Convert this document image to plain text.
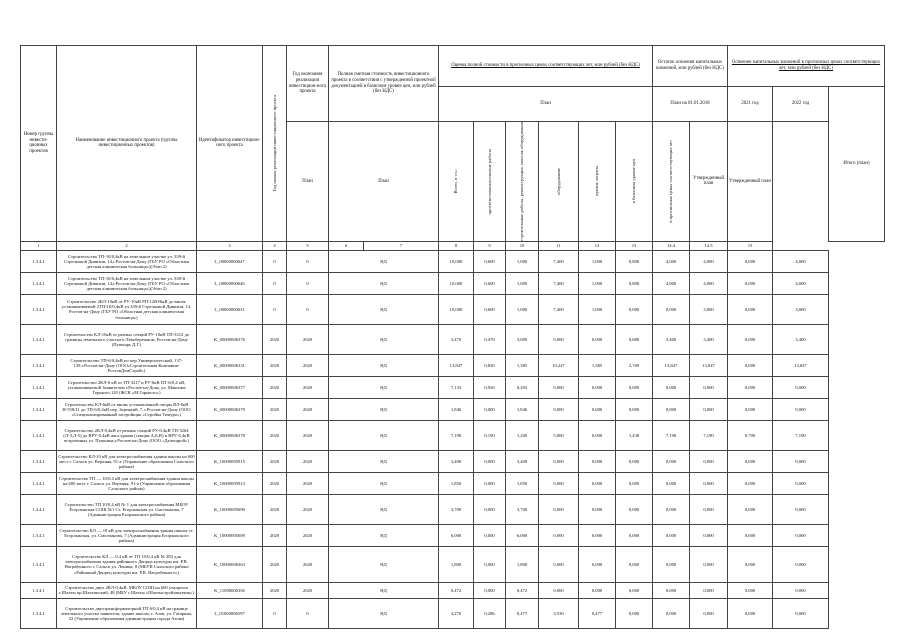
Номер группы инвести-ционных проектов	Наименование инвестиционного проекта (группы инвестиционных проектов)	Идентификатор инвестицион-ного проекта	Год начала реализации инвестиционного проекта	Год окончания реализации инвестицион-ного проекта	Полная сметная стоимость инвестиционного проекта в соответствии с утвержденной проектной документацией в базисном уровне цен, млн рублей (без НДС)		Оценка полной стоимости в прогнозных ценах соответствующих лет, млн рублей (без НДС)						Остаток освоения капитальных вложений, млн рублей (без НДС)		Освоение капитальных вложений в прогнозных ценах соответствующих лет, млн рублей (без НДС)		
							План						План на 01.01.2018		2021 год	2022 год	Итого (план)
				План	План		Всего, в т.ч.:	проектно-изыскательские работы	строительные работы, реконструкция, монтаж оборудования	оборудование	прочие затраты	в базисном уровне цен	в прогнозных ценах соответствующих лет	Утвержденный план	Утвержденный план		
1	2	3	4	5	6	7	8	9	10	11	12	13	14.4	14.5	15		
1.3.4.1	Строительство ТП-10/0,4кВ на земельном участке ул. 339-й Стрелковой Дивизии, 14,г.Ростов-на-Дону (ГБУ РО «Областная детская клиническая больница»)(Этап 2)	L_00000000647	0	0	НД		10,000	0,600	1,000	7,400	1,000	0,800	4,000	4,000	0,000	4,000	
1.3.4.1	Строительство ТП-10/0,4кВ на земельном участке ул. 339-й Стрелковой Дивизии, 14,г.Ростов-на-Дону (ГБУ РО «Областная детская клиническая больница»)(Этап 2)	L_00000000646	0	0	НД		10,000	0,600	1,000	7,400	1,000	0,800	4,000	4,000	0,000	4,000	
1.3.4.1	Строительство 2КЛ-10кВ от РУ-10кВ РП-1200/6кВ до вновь устанавливаемой 2ТП-10/0,4кВ ул.339-й Стрелковой Дивизии, 14, Ростов-на-Дону (ГБУ РО «Областная детская клиническая больница»)	L_00000000631	0	0	НД		10,000	0,600	1,000	7,400	1,000	0,000	0,000	3,000	0,000	3,000	
1.3.4.1	Строительство КЛ-10кВ от разных секций РУ-10кВ ТП-3312 до границы земельного участка в Левобережном, Ростов-на-Дону (Пушкарь Д.Г.)	K_00000006376	2020	2020	НД		3,470	0,470	3,000	0,000	0,000	0,680	3,400	3,400	0,000	3,400	
1.3.4.1	Строительство ТП-6/0,4кВ по пер.Университетский, 137-139,г.Ростов-на-Дону (ООО«Строительная Компания-РостовДомСтрой»)	K_00000006331	2020	2020	НД		13,847	0,830	1,385	10,247	1,385	2,769	13,847	13,847	0,000	13,847	
1.3.4.1	Строительство 2КЛ-6 кВ от ТП-3217 и РУ-6кВ ПТ-6/0,4 кВ, устанавливаемой Заявителем г.Ростов-на-Дону, ул. Максима Горького,120 (ЖСК «М.Горького»)	K_00000006377	2020	2020	НД		7,133	0,930	6,203	0,000	0,000	0,000	0,000	0,000	0,000	0,000	
1.3.4.1	Строительство КЛ-6кВ от вновь установленной опоры ВЛ-6кВ Н-558/11 до ТП-6/0,4кВ пер. Зарецкий, 7, г.Ростов-на-Дону (ООО «Специализированный застройщик «Стройка Тимуро»)	K_00000006379	2020	2020	НД		1,846	0,000	1,846	0,000	0,000	0,000	0,000	0,000	0,000	0,000	
1.3.4.1	Строительство 2КЛ-0,4кВ от разных секций РУ-0,4кВ ТП-3264 (Л-3,Л-5) до ВРУ-0,4кВ жил.здания (секции А,Б,В) и ВРУ-0,4кВ встроенных ул. Пушкина,г.Ростов-на-Дону (ООО «Дельтарой»)	K_00000006378	2020	2020	НД		7,190	0,190	1,200	5,800	0,000	1,438	7,190	7,190	0,700	7,190	
1.3.4.1	Строительство КЛ-10 кВ для электроснабжения здания школы на 600 мест г. Сальск ул. Верхняя, 91-а (Управление образования Сальского района)	K_10000005915	2020	2020	НД		3,400	0,000	3,400	0,000	0,000	0,000	0,000	0,000	0,000	0,000	
1.3.4.1	Строительство ТП — 10/0,4 кВ для электроснабжения здания школы на 600 мест г. Сальск ул. Верхняя, 91-а (Управление образования Сальского района)	K_10000005913	2020	2020	НД		1,850	0,000	1,850	0,000	0,000	0,000	0,000	0,000	0,000	0,000	
1.4.4.1	Строительство ТП 10/0,4 кВ № 1 для электроснабжения МБОУ Егорлыкская СОШ №1 Ст. Егорлыкская ул. Смолчанова, 7 (Администрация Егорлыкского района)	K_10000005690	2020	2020	НД		3,700	0,000	3,700	0,000	0,000	0,000	0,000	0,000	0,000	0,000	
1.3.4.1	Строительство КЛ — 10 кВ для электроснабжения здания школы ст. Егорлыкская, ул. Смолчанова, 7 (Администрация Егорлыкского района)	K_10000005689	2020	2020	НД		6,000	0,000	6,000	0,000	0,000	0,000	0,000	0,000	0,000	0,000	
1.3.4.1	Строительство КЛ — 0,4 кВ от ТП 10/0,4 кВ № 283 для электроснабжения здания районного Дворца культуры им. Р.В. Награбенного г. Сальск ул. Ленина, 8 (МБУК Сальского района «Районный Дворец культуры им. Р.В. Награбенного»)	K_10000006363	2020	2020	НД		1,800	0,000	1,800	0,000	0,000	0,000	0,000	0,000	0,000	0,000	
1.3.4.1	Строительство двух 2КЛ-0,4кВ. МБОУ СОШ на 600 учащихся г.Шахты пр.Шахтинский, 48 (МБУ г.Шахты «Шахтыстройзаказчик»)	K_11000006356	2020	2020	НД		0,472	0,000	0,472	0,000	0,000	0,000	0,000	0,000	0,000	0,000	
1.3.4.1	Строительство двухтрансформаторной ТП 6/0,4 кВ на границе земельного участка заявителя, здание школы, г. Азов, ул. Гагарина, 32 (Управление образования администрации города Азова)	L_01000006597	0	0	НД		4,270	0,286	0,477	3,530	0,477	0,000	0,000	0,000	0,000	0,000	
